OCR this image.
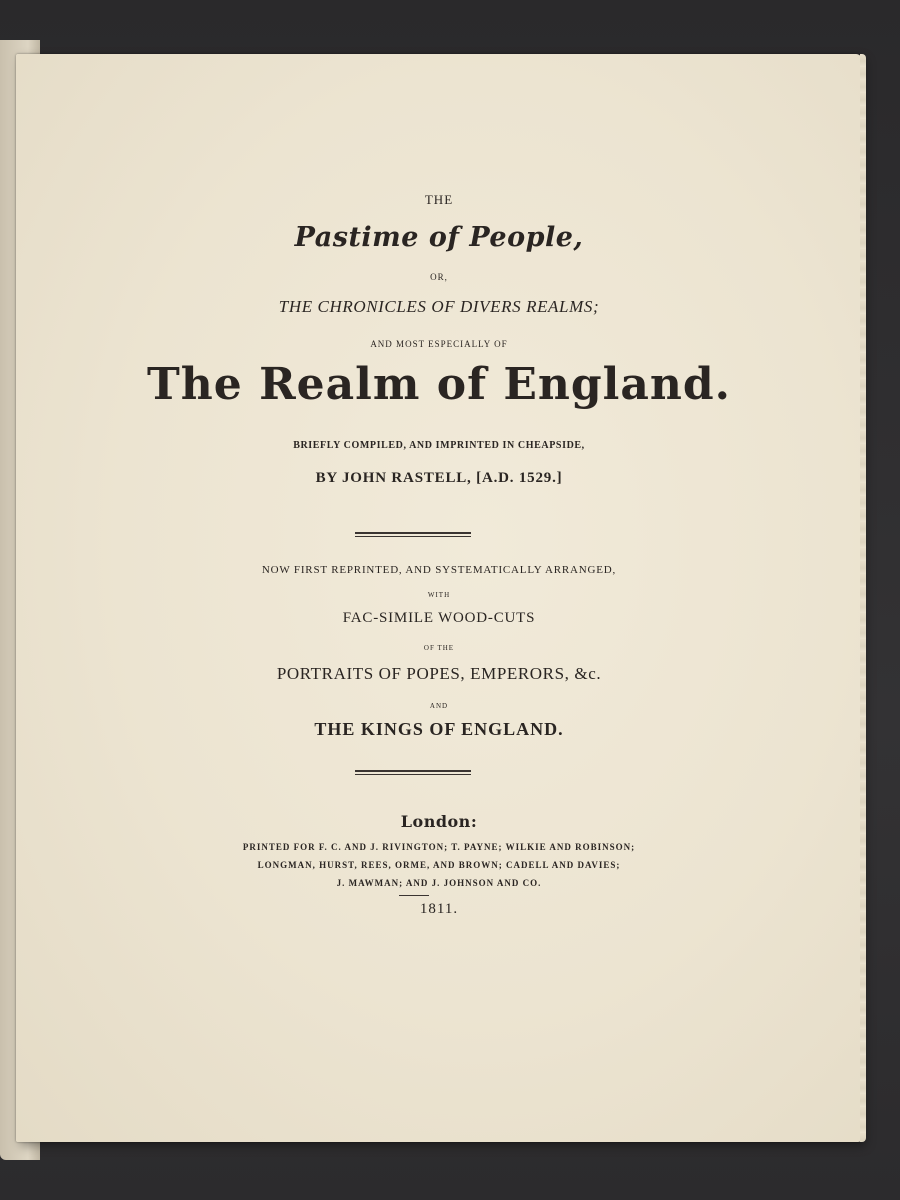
THE
Pastime of People,
OR,
THE CHRONICLES OF DIVERS REALMS;
AND MOST ESPECIALLY OF
The Realm of England.
BRIEFLY COMPILED, AND IMPRINTED IN CHEAPSIDE,
BY JOHN RASTELL, [A.D. 1529.]
NOW FIRST REPRINTED, AND SYSTEMATICALLY ARRANGED,
WITH
FAC-SIMILE WOOD-CUTS
OF THE
PORTRAITS OF POPES, EMPERORS, &c.
AND
THE KINGS OF ENGLAND.
London:
PRINTED FOR F. C. AND J. RIVINGTON; T. PAYNE; WILKIE AND ROBINSON;
LONGMAN, HURST, REES, ORME, AND BROWN; CADELL AND DAVIES;
J. MAWMAN; AND J. JOHNSON AND CO.
1811.
